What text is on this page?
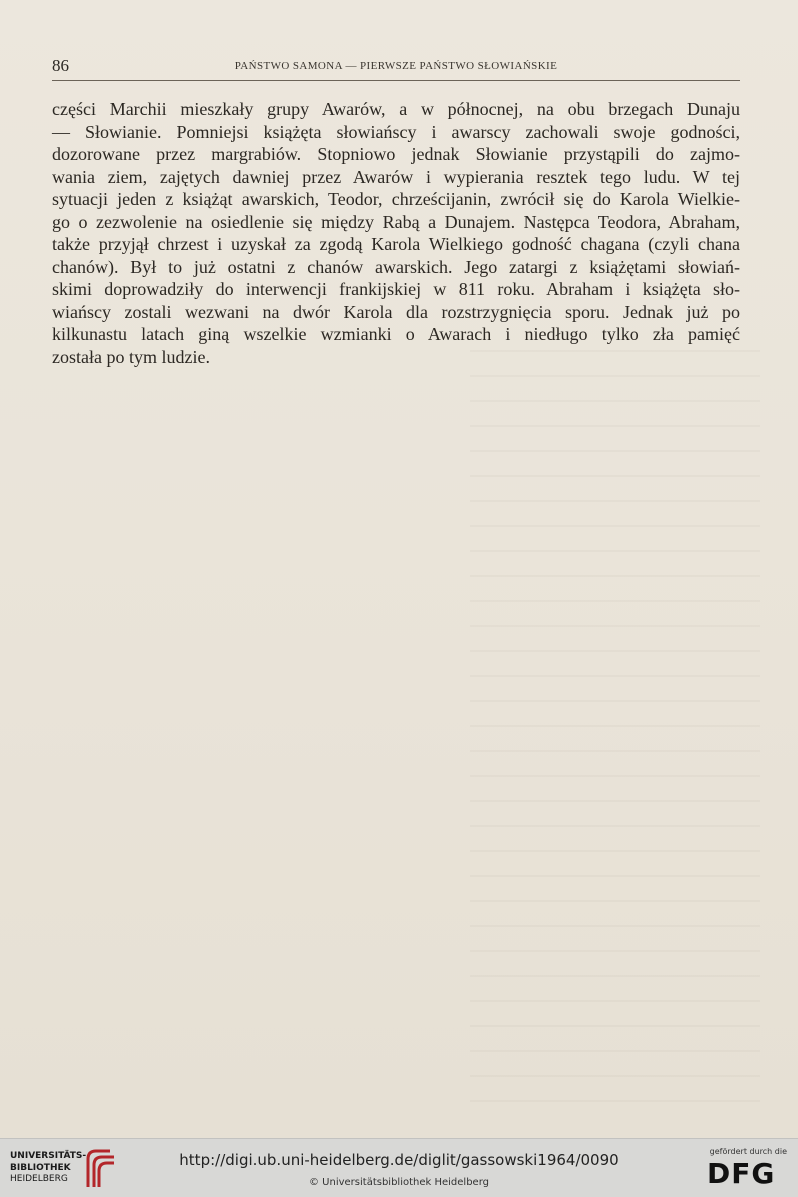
86	PAŃSTWO SAMONA — PIERWSZE PAŃSTWO SŁOWIAŃSKIE
części Marchii mieszkały grupy Awarów, a w północnej, na obu brzegach Dunaju
— Słowianie. Pomniejsi książęta słowiańscy i awarscy zachowali swoje godności,
dozorowane przez margrabiów. Stopniowo jednak Słowianie przystąpili do zajmo-
wania ziem, zajętych dawniej przez Awarów i wypierania resztek tego ludu. W tej
sytuacji jeden z książąt awarskich, Teodor, chrześcijanin, zwrócił się do Karola Wielkie-
go o zezwolenie na osiedlenie się między Rabą a Dunajem. Następca Teodora, Abraham,
także przyjął chrzest i uzyskał za zgodą Karola Wielkiego godność chagana (czyli chana
chanów). Był to już ostatni z chanów awarskich. Jego zatargi z książętami słowiań-
skimi doprowadziły do interwencji frankijskiej w 811 roku. Abraham i książęta sło-
wiańscy zostali wezwani na dwór Karola dla rozstrzygnięcia sporu. Jednak już po
kilkunastu latach giną wszelkie wzmianki o Awarach i niedługo tylko zła pamięć
została po tym ludzie.
UNIVERSITÄTS-
BIBLIOTHEK
HEIDELBERG
http://digi.ub.uni-heidelberg.de/diglit/gassowski1964/0090
© Universitätsbibliothek Heidelberg
gefördert durch die
DFG
